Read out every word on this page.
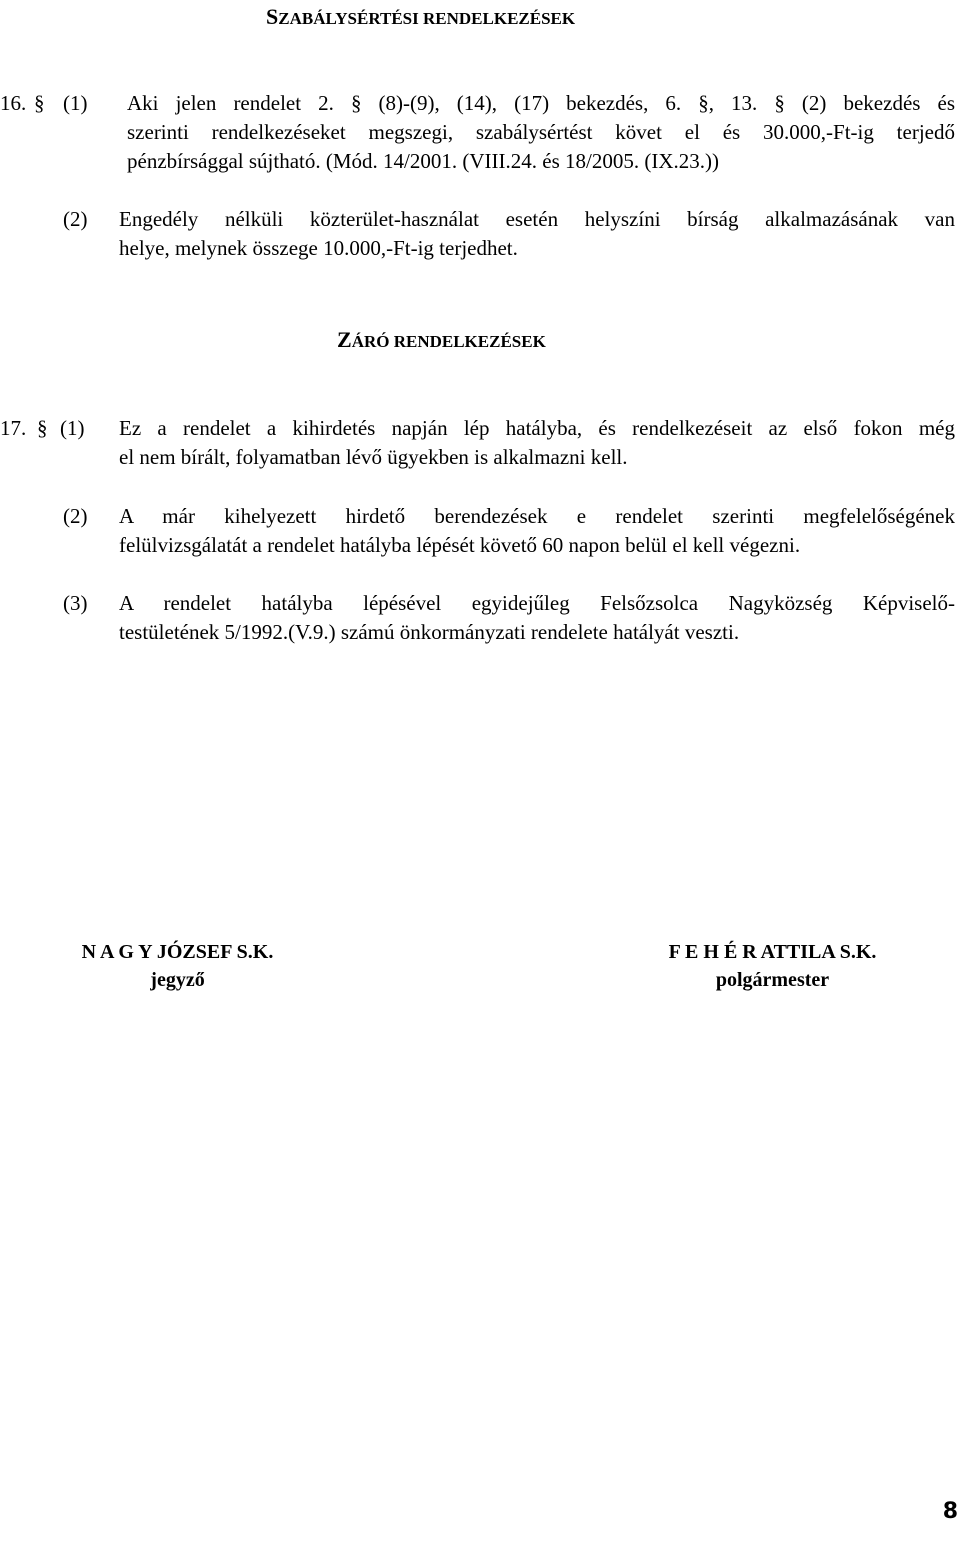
SZABÁLYSÉRTÉSI RENDELKEZÉSEK
16. § (1) Aki jelen rendelet 2. § (8)-(9), (14), (17) bekezdés, 6. §, 13. § (2) bekezdés és
szerinti rendelkezéseket megszegi, szabálysértést követ el és 30.000,-Ft-ig terjedő
pénzbírsággal sújtható. (Mód. 14/2001. (VIII.24. és 18/2005. (IX.23.))
(2) Engedély nélküli közterület-használat esetén helyszíni bírság alkalmazásának van
helye, melynek összege 10.000,-Ft-ig terjedhet.
ZÁRÓ RENDELKEZÉSEK
17. § (1) Ez a rendelet a kihirdetés napján lép hatályba, és rendelkezéseit az első fokon még
el nem bírált, folyamatban lévő ügyekben is alkalmazni kell.
(2) A már kihelyezett hirdető berendezések e rendelet szerinti megfelelőségének
felülvizsgálatát a rendelet hatályba lépését követő 60 napon belül el kell végezni.
(3) A rendelet hatályba lépésével egyidejűleg Felsőzsolca Nagyközség Képviselő-
testületének 5/1992.(V.9.) számú önkormányzati rendelete hatályát veszti.
N A G Y JÓZSEF S.K.
jegyző
F E H É R ATTILA S.K.
polgármester
8
